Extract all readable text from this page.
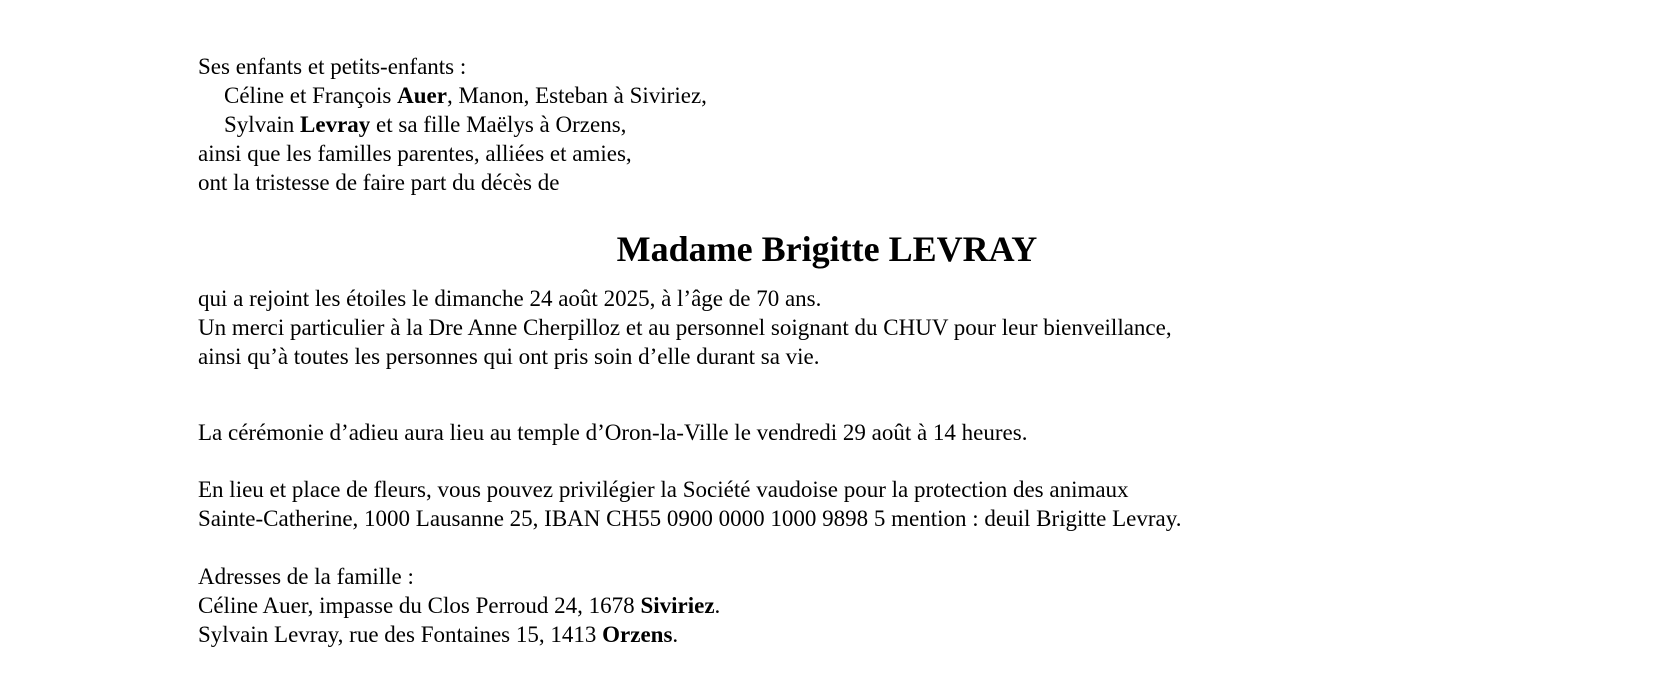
Ses enfants et petits-enfants :
Céline et François Auer, Manon, Esteban à Siviriez,
Sylvain Levray et sa fille Maëlys à Orzens,
ainsi que les familles parentes, alliées et amies,
ont la tristesse de faire part du décès de
Madame Brigitte LEVRAY
qui a rejoint les étoiles le dimanche 24 août 2025, à l’âge de 70 ans.
Un merci particulier à la Dre Anne Cherpilloz et au personnel soignant du CHUV pour leur bienveillance,
ainsi qu’à toutes les personnes qui ont pris soin d’elle durant sa vie.
La cérémonie d’adieu aura lieu au temple d’Oron-la-Ville le vendredi 29 août à 14 heures.
En lieu et place de fleurs, vous pouvez privilégier la Société vaudoise pour la protection des animaux
Sainte-Catherine, 1000 Lausanne 25, IBAN CH55 0900 0000 1000 9898 5 mention : deuil Brigitte Levray.
Adresses de la famille :
Céline Auer, impasse du Clos Perroud 24, 1678 Siviriez.
Sylvain Levray, rue des Fontaines 15, 1413 Orzens.
